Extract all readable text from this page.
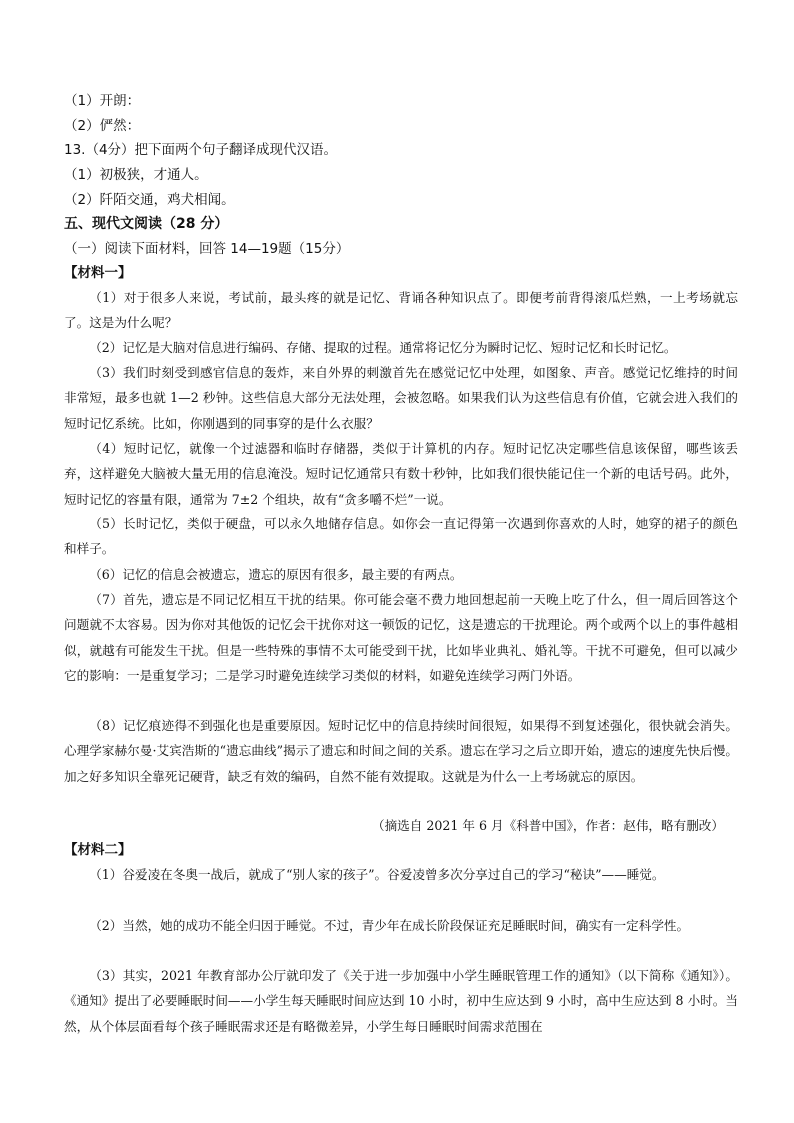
（1）开朗：
（2）俨然：
13.（4分）把下面两个句子翻译成现代汉语。
（1）初极狭，才通人。
（2）阡陌交通，鸡犬相闻。
五、现代文阅读（28 分）
（一）阅读下面材料，回答 14—19题（15分）
【材料一】

（1）对于很多人来说，考试前，最头疼的就是记忆、背诵各种知识点了。即便考前背得滚瓜烂熟，一上考场就忘了。这是为什么呢？

（2）记忆是大脑对信息进行编码、存储、提取的过程。通常将记忆分为瞬时记忆、短时记忆和长时记忆。

（3）我们时刻受到感官信息的轰炸，来自外界的刺激首先在感觉记忆中处理，如图象、声音。感觉记忆维持的时间非常短，最多也就 1—2 秒钟。这些信息大部分无法处理，会被忽略。如果我们认为这些信息有价值，它就会进入我们的短时记忆系统。比如，你刚遇到的同事穿的是什么衣服？

（4）短时记忆，就像一个过滤器和临时存储器，类似于计算机的内存。短时记忆决定哪些信息该保留，哪些该丢弃，这样避免大脑被大量无用的信息淹没。短时记忆通常只有数十秒钟，比如我们很快能记住一个新的电话号码。此外，短时记忆的容量有限，通常为 7±2 个组块，故有“贪多嚼不烂”一说。

（5）长时记忆，类似于硬盘，可以永久地储存信息。如你会一直记得第一次遇到你喜欢的人时，她穿的裙子的颜色和样子。

（6）记忆的信息会被遗忘，遗忘的原因有很多，最主要的有两点。

（7）首先，遗忘是不同记忆相互干扰的结果。你可能会毫不费力地回想起前一天晚上吃了什么，但一周后回答这个问题就不太容易。因为你对其他饭的记忆会干扰你对这一顿饭的记忆，这是遗忘的干扰理论。两个或两个以上的事件越相似，就越有可能发生干扰。但是一些特殊的事情不太可能受到干扰，比如毕业典礼、婚礼等。干扰不可避免，但可以减少它的影响：一是重复学习；二是学习时避免连续学习类似的材料，如避免连续学习两门外语。

（8）记忆痕迹得不到强化也是重要原因。短时记忆中的信息持续时间很短，如果得不到复述强化，很快就会消失。心理学家赫尔曼·艾宾浩斯的“遗忘曲线”揭示了遗忘和时间之间的关系。遗忘在学习之后立即开始，遗忘的速度先快后慢。加之好多知识全靠死记硬背，缺乏有效的编码，自然不能有效提取。这就是为什么一上考场就忘的原因。

（摘选自 2021 年 6 月《科普中国》，作者：赵伟，略有删改）
【材料二】

（1）谷爱凌在冬奥一战后，就成了“别人家的孩子”。谷爱凌曾多次分享过自己的学习“秘诀”——睡觉。

（2）当然，她的成功不能全归因于睡觉。不过，青少年在成长阶段保证充足睡眠时间，确实有一定科学性。

（3）其实，2021 年教育部办公厅就印发了《关于进一步加强中小学生睡眠管理工作的通知》（以下简称《通知》）。《通知》提出了必要睡眠时间——小学生每天睡眠时间应达到 10 小时，初中生应达到 9 小时，高中生应达到 8 小时。当然，从个体层面看每个孩子睡眠需求还是有略微差异，小学生每日睡眠时间需求范围在
